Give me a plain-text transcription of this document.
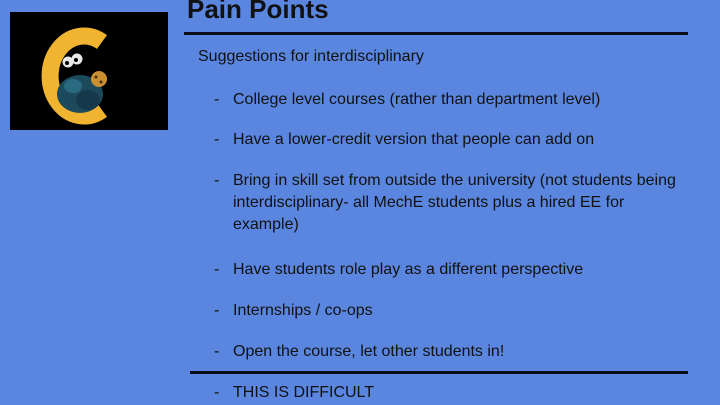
Pain Points
Suggestions for interdisciplinary
- College level courses (rather than department level)
- Have a lower-credit version that people can add on
- Bring in skill set from outside the university (not students being interdisciplinary- all MechE students plus a hired EE for example)
- Have students role play as a different perspective
- Internships / co-ops
- Open the course, let other students in!
- THIS IS DIFFICULT
